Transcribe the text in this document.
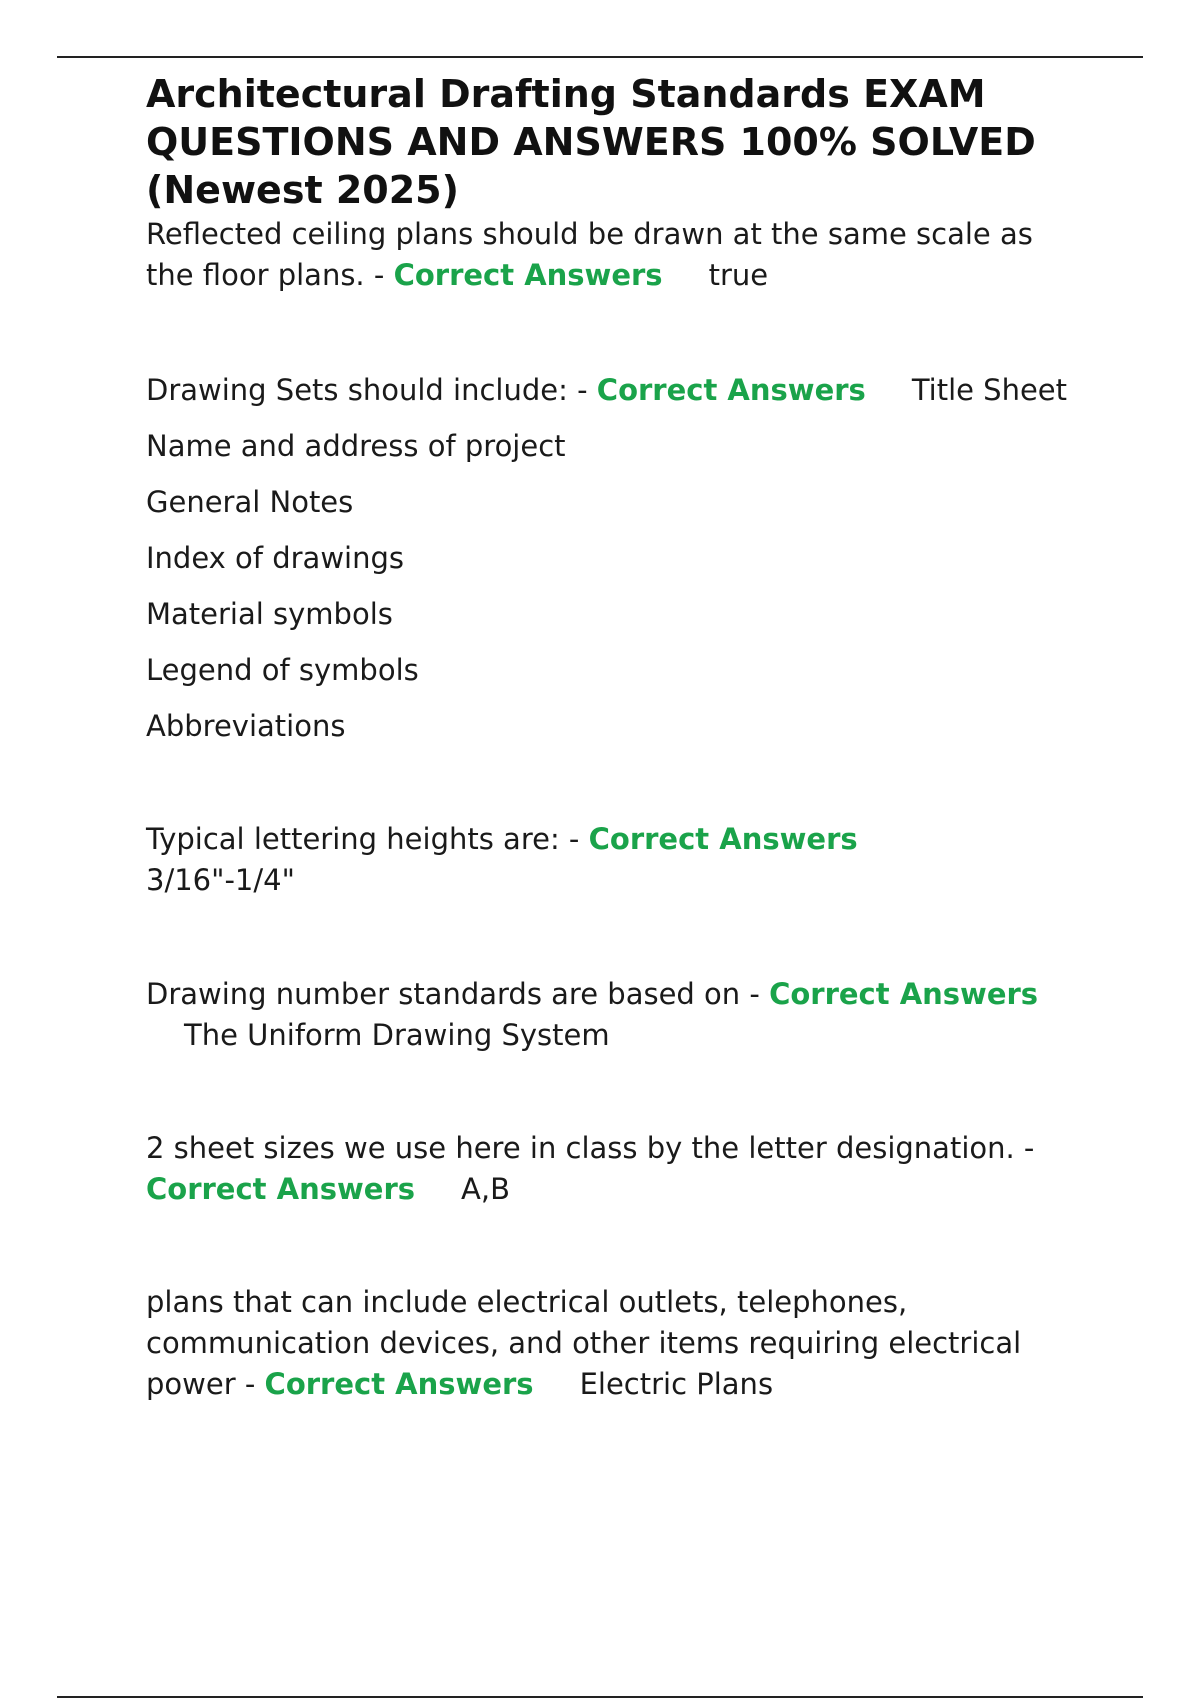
Architectural Drafting Standards EXAM QUESTIONS AND ANSWERS 100% SOLVED (Newest 2025)

Reflected ceiling plans should be drawn at the same scale as the floor plans. - Correct Answers true

Drawing Sets should include: - Correct Answers Title Sheet

Name and address of project

General Notes

Index of drawings

Material symbols

Legend of symbols

Abbreviations

Typical lettering heights are: - Correct Answers3/16"-1/4"

Drawing number standards are based on - Correct Answers
The Uniform Drawing System

2 sheet sizes we use here in class by the letter designation. - Correct Answers A,B

plans that can include electrical outlets, telephones, communication devices, and other items requiring electrical power - Correct Answers Electric Plans
